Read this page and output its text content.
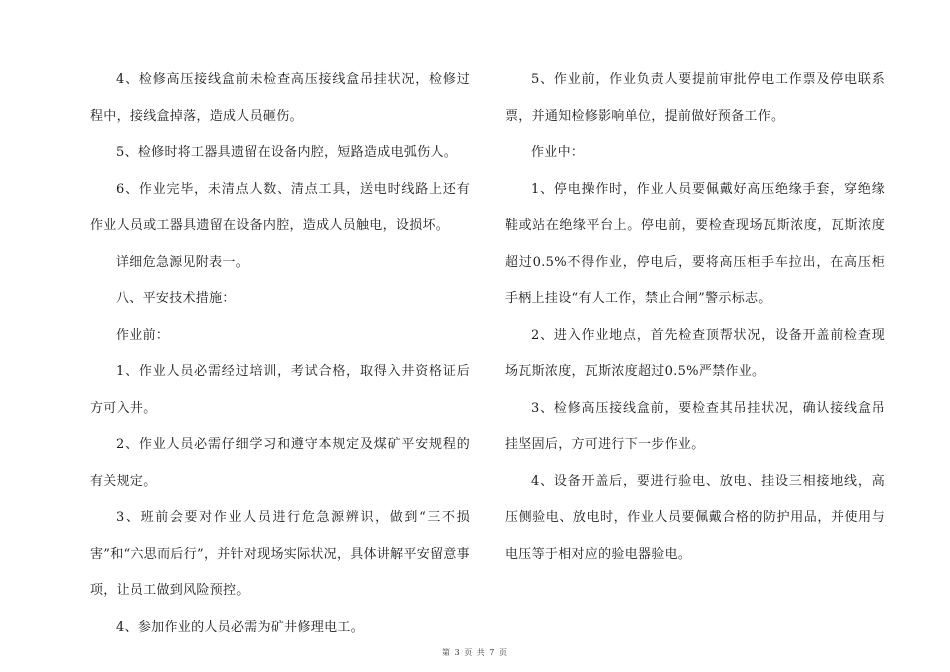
4、检修高压接线盒前未检查高压接线盒吊挂状况，检修过程中，接线盒掉落，造成人员砸伤。

5、检修时将工器具遗留在设备内腔，短路造成电弧伤人。

6、作业完毕，未清点人数、清点工具，送电时线路上还有作业人员或工器具遗留在设备内腔，造成人员触电，设损坏。

详细危急源见附表一。

八、平安技术措施：

作业前：

1、作业人员必需经过培训，考试合格，取得入井资格证后方可入井。

2、作业人员必需仔细学习和遵守本规定及煤矿平安规程的有关规定。

3、班前会要对作业人员进行危急源辨识，做到“三不损害”和“六思而后行”，并针对现场实际状况，具体讲解平安留意事项，让员工做到风险预控。

4、参加作业的人员必需为矿井修理电工。

5、作业前，作业负责人要提前审批停电工作票及停电联系票，并通知检修影响单位，提前做好预备工作。

作业中：

1、停电操作时，作业人员要佩戴好高压绝缘手套，穿绝缘鞋或站在绝缘平台上。停电前，要检查现场瓦斯浓度，瓦斯浓度超过0.5%不得作业，停电后，要将高压柜手车拉出，在高压柜手柄上挂设“有人工作，禁止合闸”警示标志。

2、进入作业地点，首先检查顶帮状况，设备开盖前检查现场瓦斯浓度，瓦斯浓度超过0.5%严禁作业。

3、检修高压接线盒前，要检查其吊挂状况，确认接线盒吊挂坚固后，方可进行下一步作业。

4、设备开盖后，要进行验电、放电、挂设三相接地线，高压侧验电、放电时，作业人员要佩戴合格的防护用品，并使用与电压等于相对应的验电器验电。

第 3 页 共 7 页
